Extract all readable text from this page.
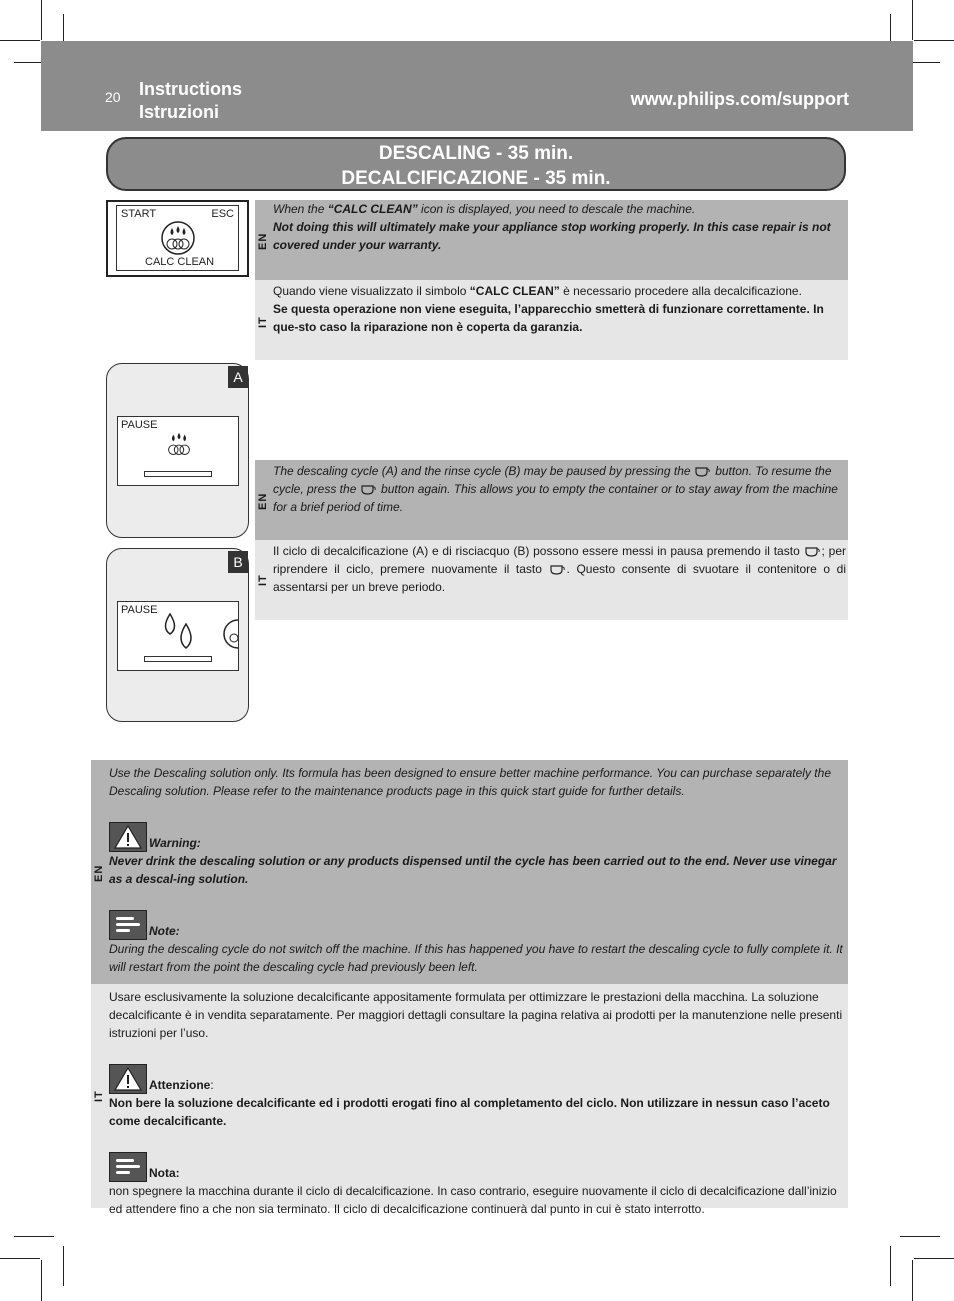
20 Instructions
Istruzioni
www.philips.com/support
DESCALING - 35 min.
DECALCIFICAZIONE - 35 min.
START	ESC
CALC CLEAN
EN
When the “CALC CLEAN” icon is displayed, you need to descale the machine.
Not doing this will ultimately make your appliance stop working properly. In this case repair is not covered under your warranty.
IT
Quando viene visualizzato il simbolo “CALC CLEAN” è necessario procedere alla decalcificazione.
Se questa operazione non viene eseguita, l’apparecchio smetterà di funzionare correttamente. In que-sto caso la riparazione non è coperta da garanzia.
A
PAUSE
B
PAUSE
EN
The descaling cycle (A) and the rinse cycle (B) may be paused by pressing the  button. To resume the cycle, press the  button again. This allows you to empty the container or to stay away from the machine for a brief period of time.
IT
Il ciclo di decalcificazione (A) e di risciacquo (B) possono essere messi in pausa premendo il tasto ; per riprendere il ciclo, premere nuovamente il tasto . Questo consente di svuotare il contenitore o di assentarsi per un breve periodo.
EN
Use the Descaling solution only. Its formula has been designed to ensure better machine performance. You can purchase separately the Descaling solution. Please refer to the maintenance products page in this quick start guide for further details.
Warning:
Never drink the descaling solution or any products dispensed until the cycle has been carried out to the end. Never use vinegar as a descal-ing solution.
Note:
During the descaling cycle do not switch off the machine. If this has happened you have to restart the descaling cycle to fully complete it. It will restart from the point the descaling cycle had previously been left.
IT
Usare esclusivamente la soluzione decalcificante appositamente formulata per ottimizzare le prestazioni della macchina. La soluzione decalcificante è in vendita separatamente. Per maggiori dettagli consultare la pagina relativa ai prodotti per la manutenzione nelle presenti istruzioni per l’uso.
Attenzione:
Non bere la soluzione decalcificante ed i prodotti erogati fino al completamento del ciclo. Non utilizzare in nessun caso l’aceto come decalcificante.
Nota:
non spegnere la macchina durante il ciclo di decalcificazione. In caso contrario, eseguire nuovamente il ciclo di decalcificazione dall’inizio ed attendere fino a che non sia terminato. Il ciclo di decalcificazione continuerà dal punto in cui è stato interrotto.
